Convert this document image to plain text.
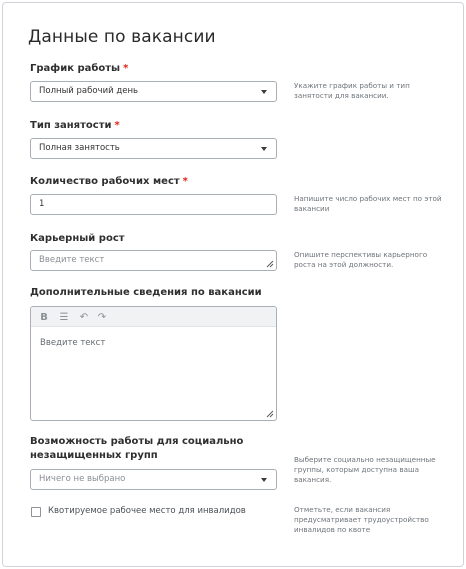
Данные по вакансии
График работы *
Полный рабочий день
Укажите график работы и тип занятости для вакансии.
Тип занятости *
Полная занятость
Количество рабочих мест *
1
Напишите число рабочих мест по этой вакансии
Карьерный рост
Введите текст
Опишите перспективы карьерного роста на этой должности.
Дополнительные сведения по вакансии
B	☰ ↶ ↷
Введите текст
Возможность работы для социально незащищенных групп
Ничего не выбрано
Выберите социально незащищенные группы, которым доступна ваша вакансия.
Квотируемое рабочее место для инвалидов	Отметьте, если вакансия предусматривает трудоустройство инвалидов по квоте
